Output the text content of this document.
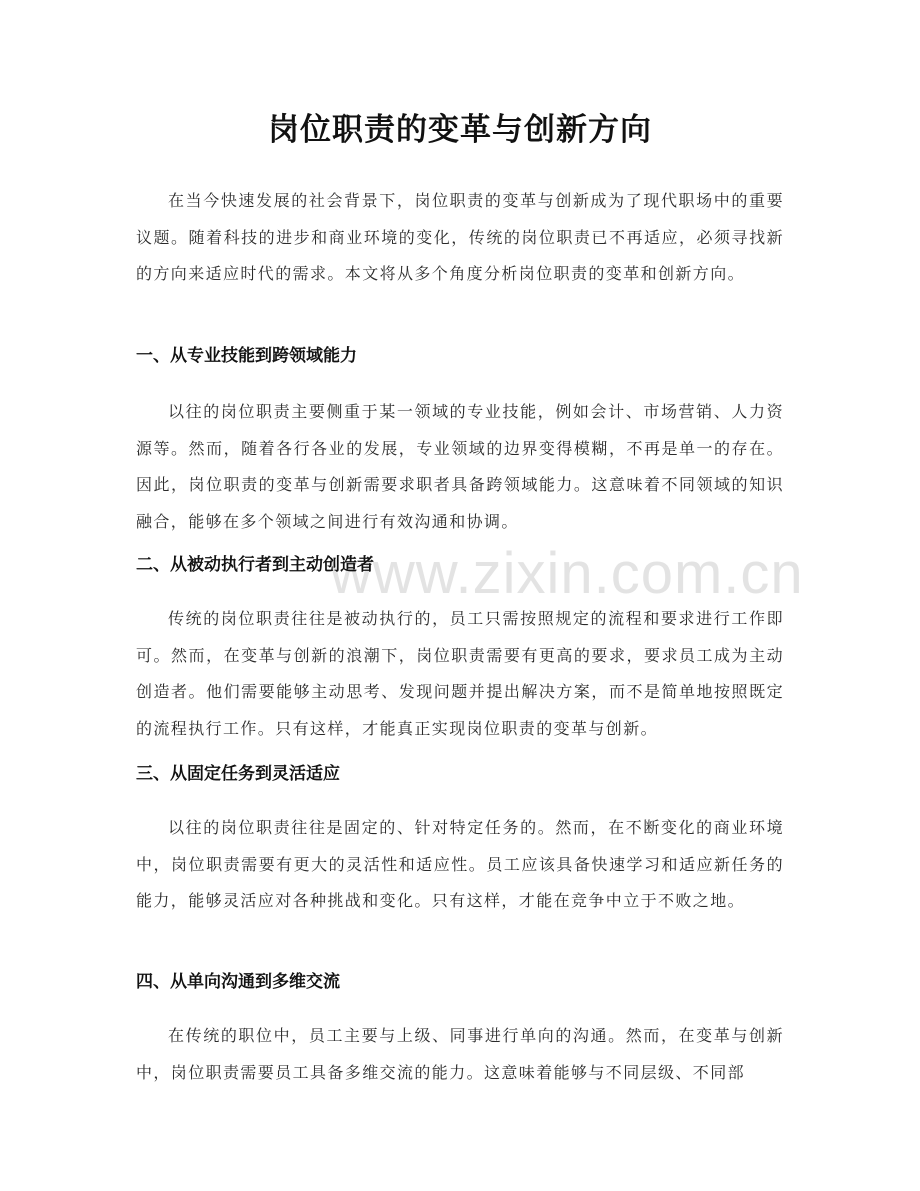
www.zixin.com.cn
岗位职责的变革与创新方向

在当今快速发展的社会背景下，岗位职责的变革与创新成为了现代职场中的重要议题。随着科技的进步和商业环境的变化，传统的岗位职责已不再适应，必须寻找新的方向来适应时代的需求。本文将从多个角度分析岗位职责的变革和创新方向。

一、从专业技能到跨领域能力

以往的岗位职责主要侧重于某一领域的专业技能，例如会计、市场营销、人力资源等。然而，随着各行各业的发展，专业领域的边界变得模糊，不再是单一的存在。因此，岗位职责的变革与创新需要求职者具备跨领域能力。这意味着不同领域的知识融合，能够在多个领域之间进行有效沟通和协调。

二、从被动执行者到主动创造者

传统的岗位职责往往是被动执行的，员工只需按照规定的流程和要求进行工作即可。然而，在变革与创新的浪潮下，岗位职责需要有更高的要求，要求员工成为主动创造者。他们需要能够主动思考、发现问题并提出解决方案，而不是简单地按照既定的流程执行工作。只有这样，才能真正实现岗位职责的变革与创新。

三、从固定任务到灵活适应

以往的岗位职责往往是固定的、针对特定任务的。然而，在不断变化的商业环境中，岗位职责需要有更大的灵活性和适应性。员工应该具备快速学习和适应新任务的能力，能够灵活应对各种挑战和变化。只有这样，才能在竞争中立于不败之地。

四、从单向沟通到多维交流

在传统的职位中，员工主要与上级、同事进行单向的沟通。然而，在变革与创新中，岗位职责需要员工具备多维交流的能力。这意味着能够与不同层级、不同部
